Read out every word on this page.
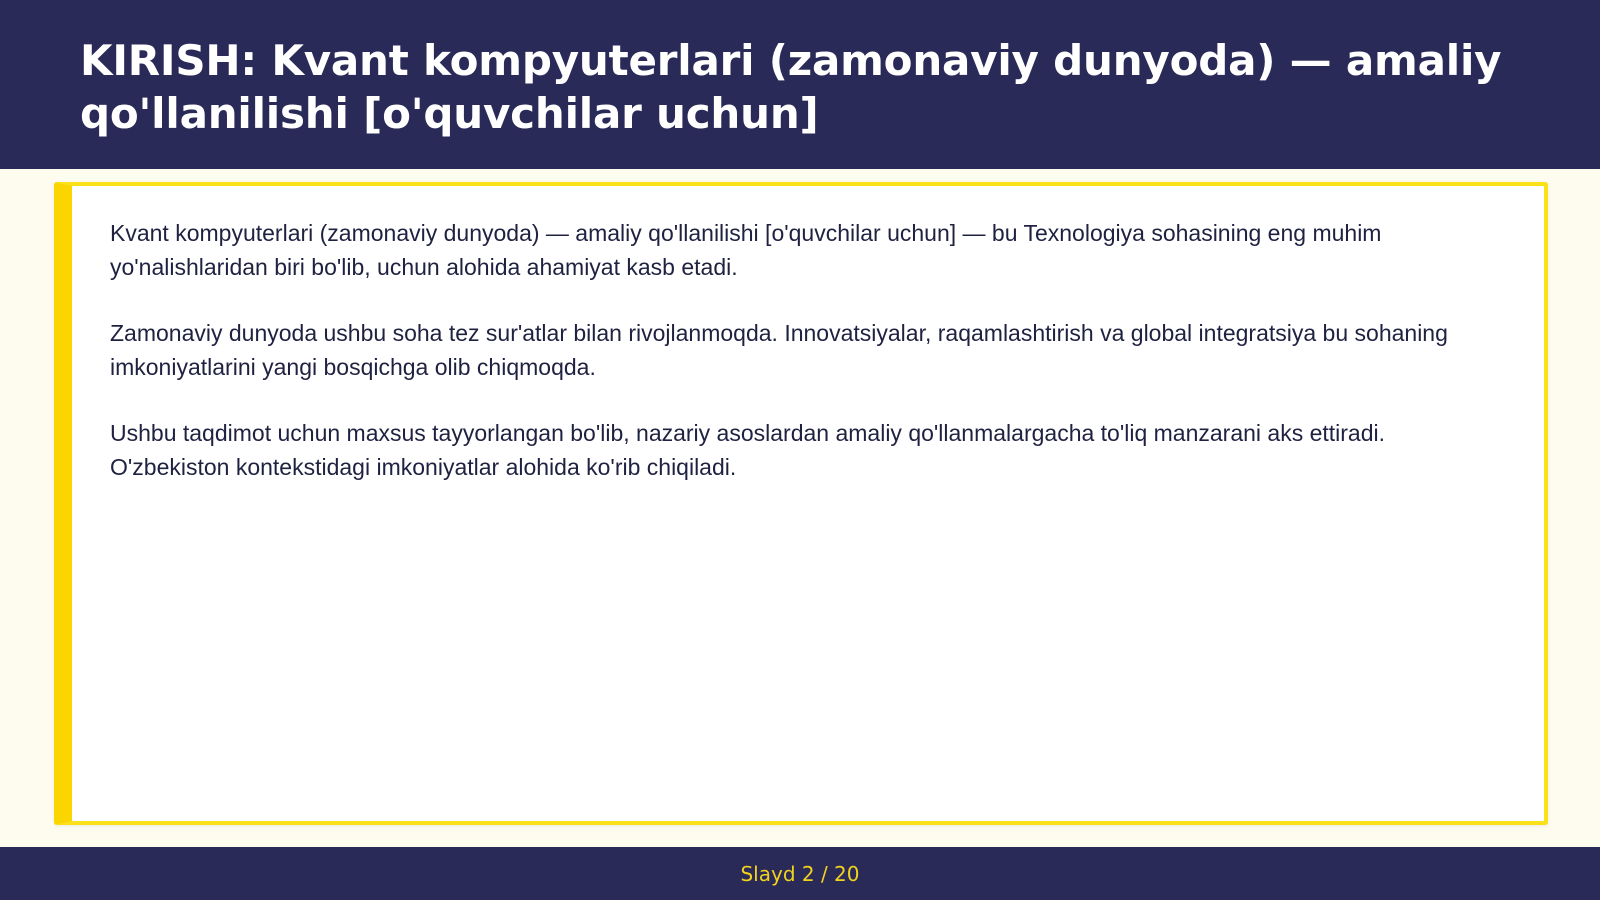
KIRISH: Kvant kompyuterlari (zamonaviy dunyoda) — amaliy qo'llanilishi [o'quvchilar uchun]

Kvant kompyuterlari (zamonaviy dunyoda) — amaliy qo'llanilishi [o'quvchilar uchun] — bu Texnologiya sohasining eng muhim yo'nalishlaridan biri bo'lib, uchun alohida ahamiyat kasb etadi.

Zamonaviy dunyoda ushbu soha tez sur'atlar bilan rivojlanmoqda. Innovatsiyalar, raqamlashtirish va global integratsiya bu sohaning imkoniyatlarini yangi bosqichga olib chiqmoqda.

Ushbu taqdimot uchun maxsus tayyorlangan bo'lib, nazariy asoslardan amaliy qo'llanmalargacha to'liq manzarani aks ettiradi. O'zbekiston kontekstidagi imkoniyatlar alohida ko'rib chiqiladi.

Slayd 2 / 20
